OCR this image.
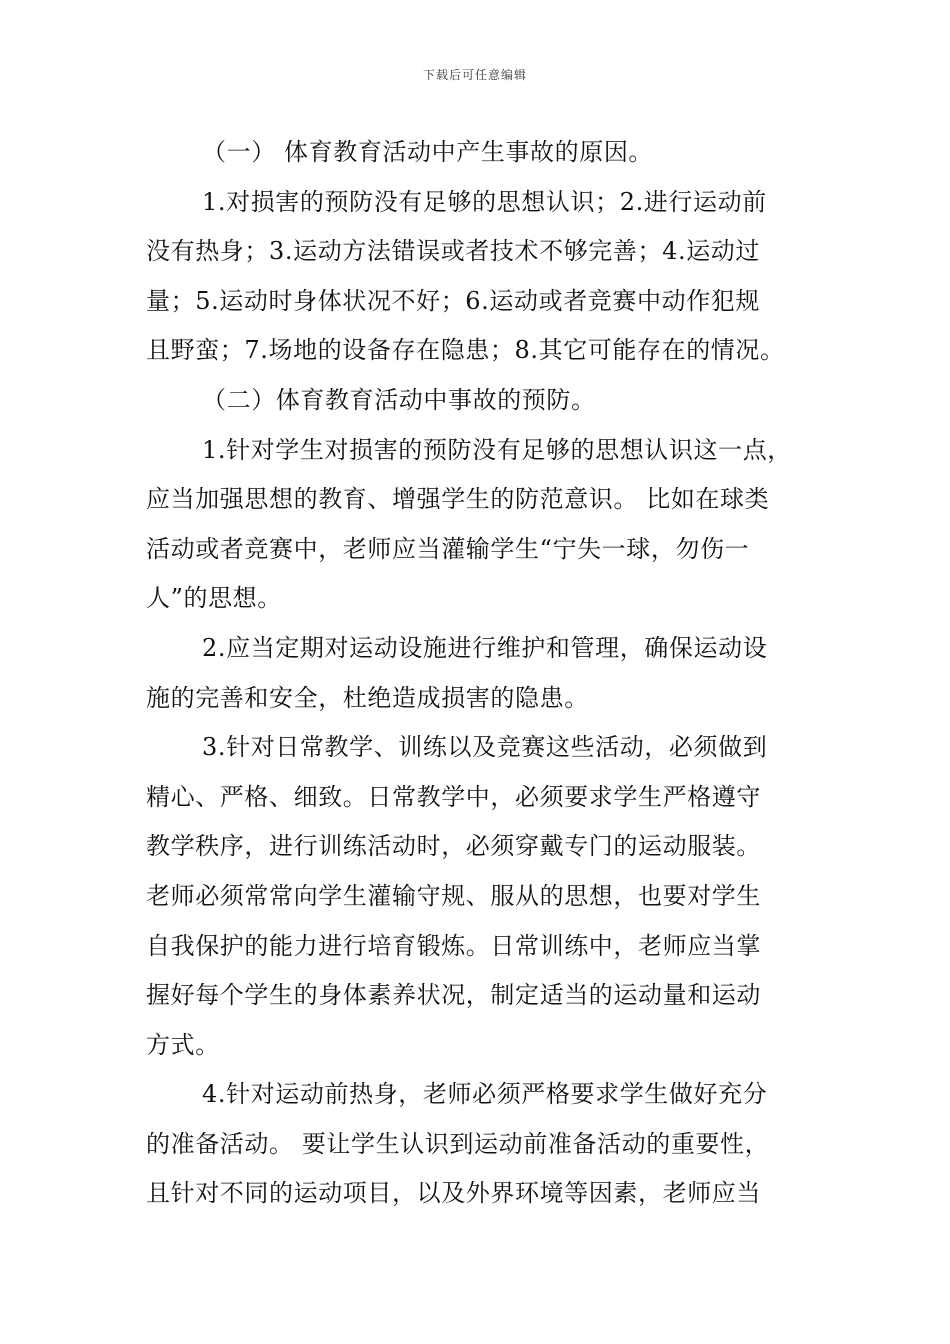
下载后可任意编辑
（一） 体育教育活动中产生事故的原因。
1.对损害的预防没有足够的思想认识；2.进行运动前
没有热身；3.运动方法错误或者技术不够完善；4.运动过
量；5.运动时身体状况不好；6.运动或者竞赛中动作犯规
且野蛮；7.场地的设备存在隐患；8.其它可能存在的情况。
（二）体育教育活动中事故的预防。
1.针对学生对损害的预防没有足够的思想认识这一点，
应当加强思想的教育、增强学生的防范意识。 比如在球类
活动或者竞赛中，老师应当灌输学生“宁失一球，勿伤一
人”的思想。
2.应当定期对运动设施进行维护和管理，确保运动设
施的完善和安全，杜绝造成损害的隐患。
3.针对日常教学、训练以及竞赛这些活动，必须做到
精心、严格、细致。日常教学中，必须要求学生严格遵守
教学秩序，进行训练活动时，必须穿戴专门的运动服装。
老师必须常常向学生灌输守规、服从的思想，也要对学生
自我保护的能力进行培育锻炼。日常训练中，老师应当掌
握好每个学生的身体素养状况，制定适当的运动量和运动
方式。
4.针对运动前热身，老师必须严格要求学生做好充分
的准备活动。 要让学生认识到运动前准备活动的重要性，
且针对不同的运动项目，以及外界环境等因素，老师应当
